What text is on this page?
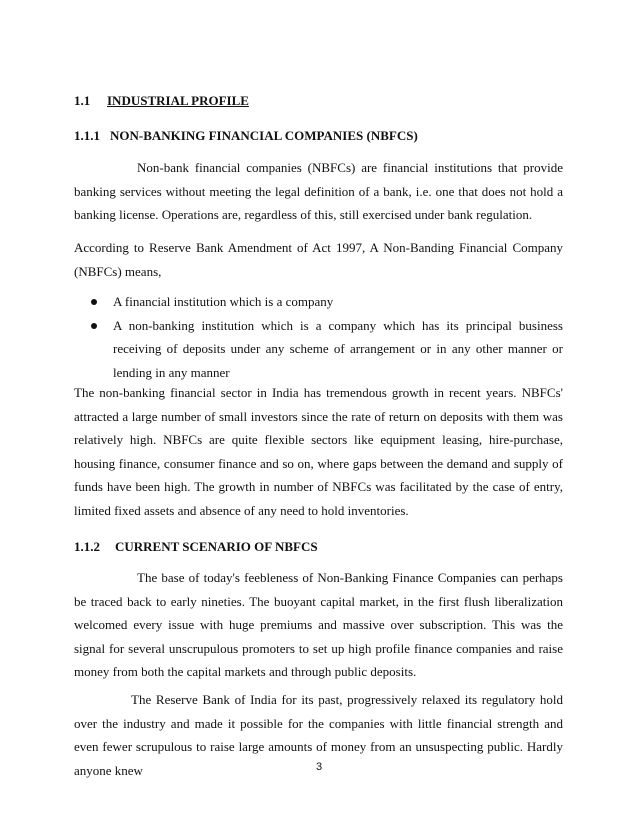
1.1 INDUSTRIAL PROFILE
1.1.1 NON-BANKING FINANCIAL COMPANIES (NBFCS)

Non-bank financial companies (NBFCs) are financial institutions that provide banking services without meeting the legal definition of a bank, i.e. one that does not hold a banking license. Operations are, regardless of this, still exercised under bank regulation.

According to Reserve Bank Amendment of Act 1997, A Non-Banding Financial Company (NBFCs) means,

A financial institution which is a company
A non-banking institution which is a company which has its principal business receiving of deposits under any scheme of arrangement or in any other manner or lending in any manner

The non-banking financial sector in India has tremendous growth in recent years. NBFCs' attracted a large number of small investors since the rate of return on deposits with them was relatively high. NBFCs are quite flexible sectors like equipment leasing, hire-purchase, housing finance, consumer finance and so on, where gaps between the demand and supply of funds have been high. The growth in number of NBFCs was facilitated by the case of entry, limited fixed assets and absence of any need to hold inventories.

1.1.2 CURRENT SCENARIO OF NBFCS

The base of today's feebleness of Non-Banking Finance Companies can perhaps be traced back to early nineties. The buoyant capital market, in the first flush liberalization welcomed every issue with huge premiums and massive over subscription. This was the signal for several unscrupulous promoters to set up high profile finance companies and raise money from both the capital markets and through public deposits.

The Reserve Bank of India for its past, progressively relaxed its regulatory hold over the industry and made it possible for the companies with little financial strength and even fewer scrupulous to raise large amounts of money from an unsuspecting public. Hardly anyone knew	3
